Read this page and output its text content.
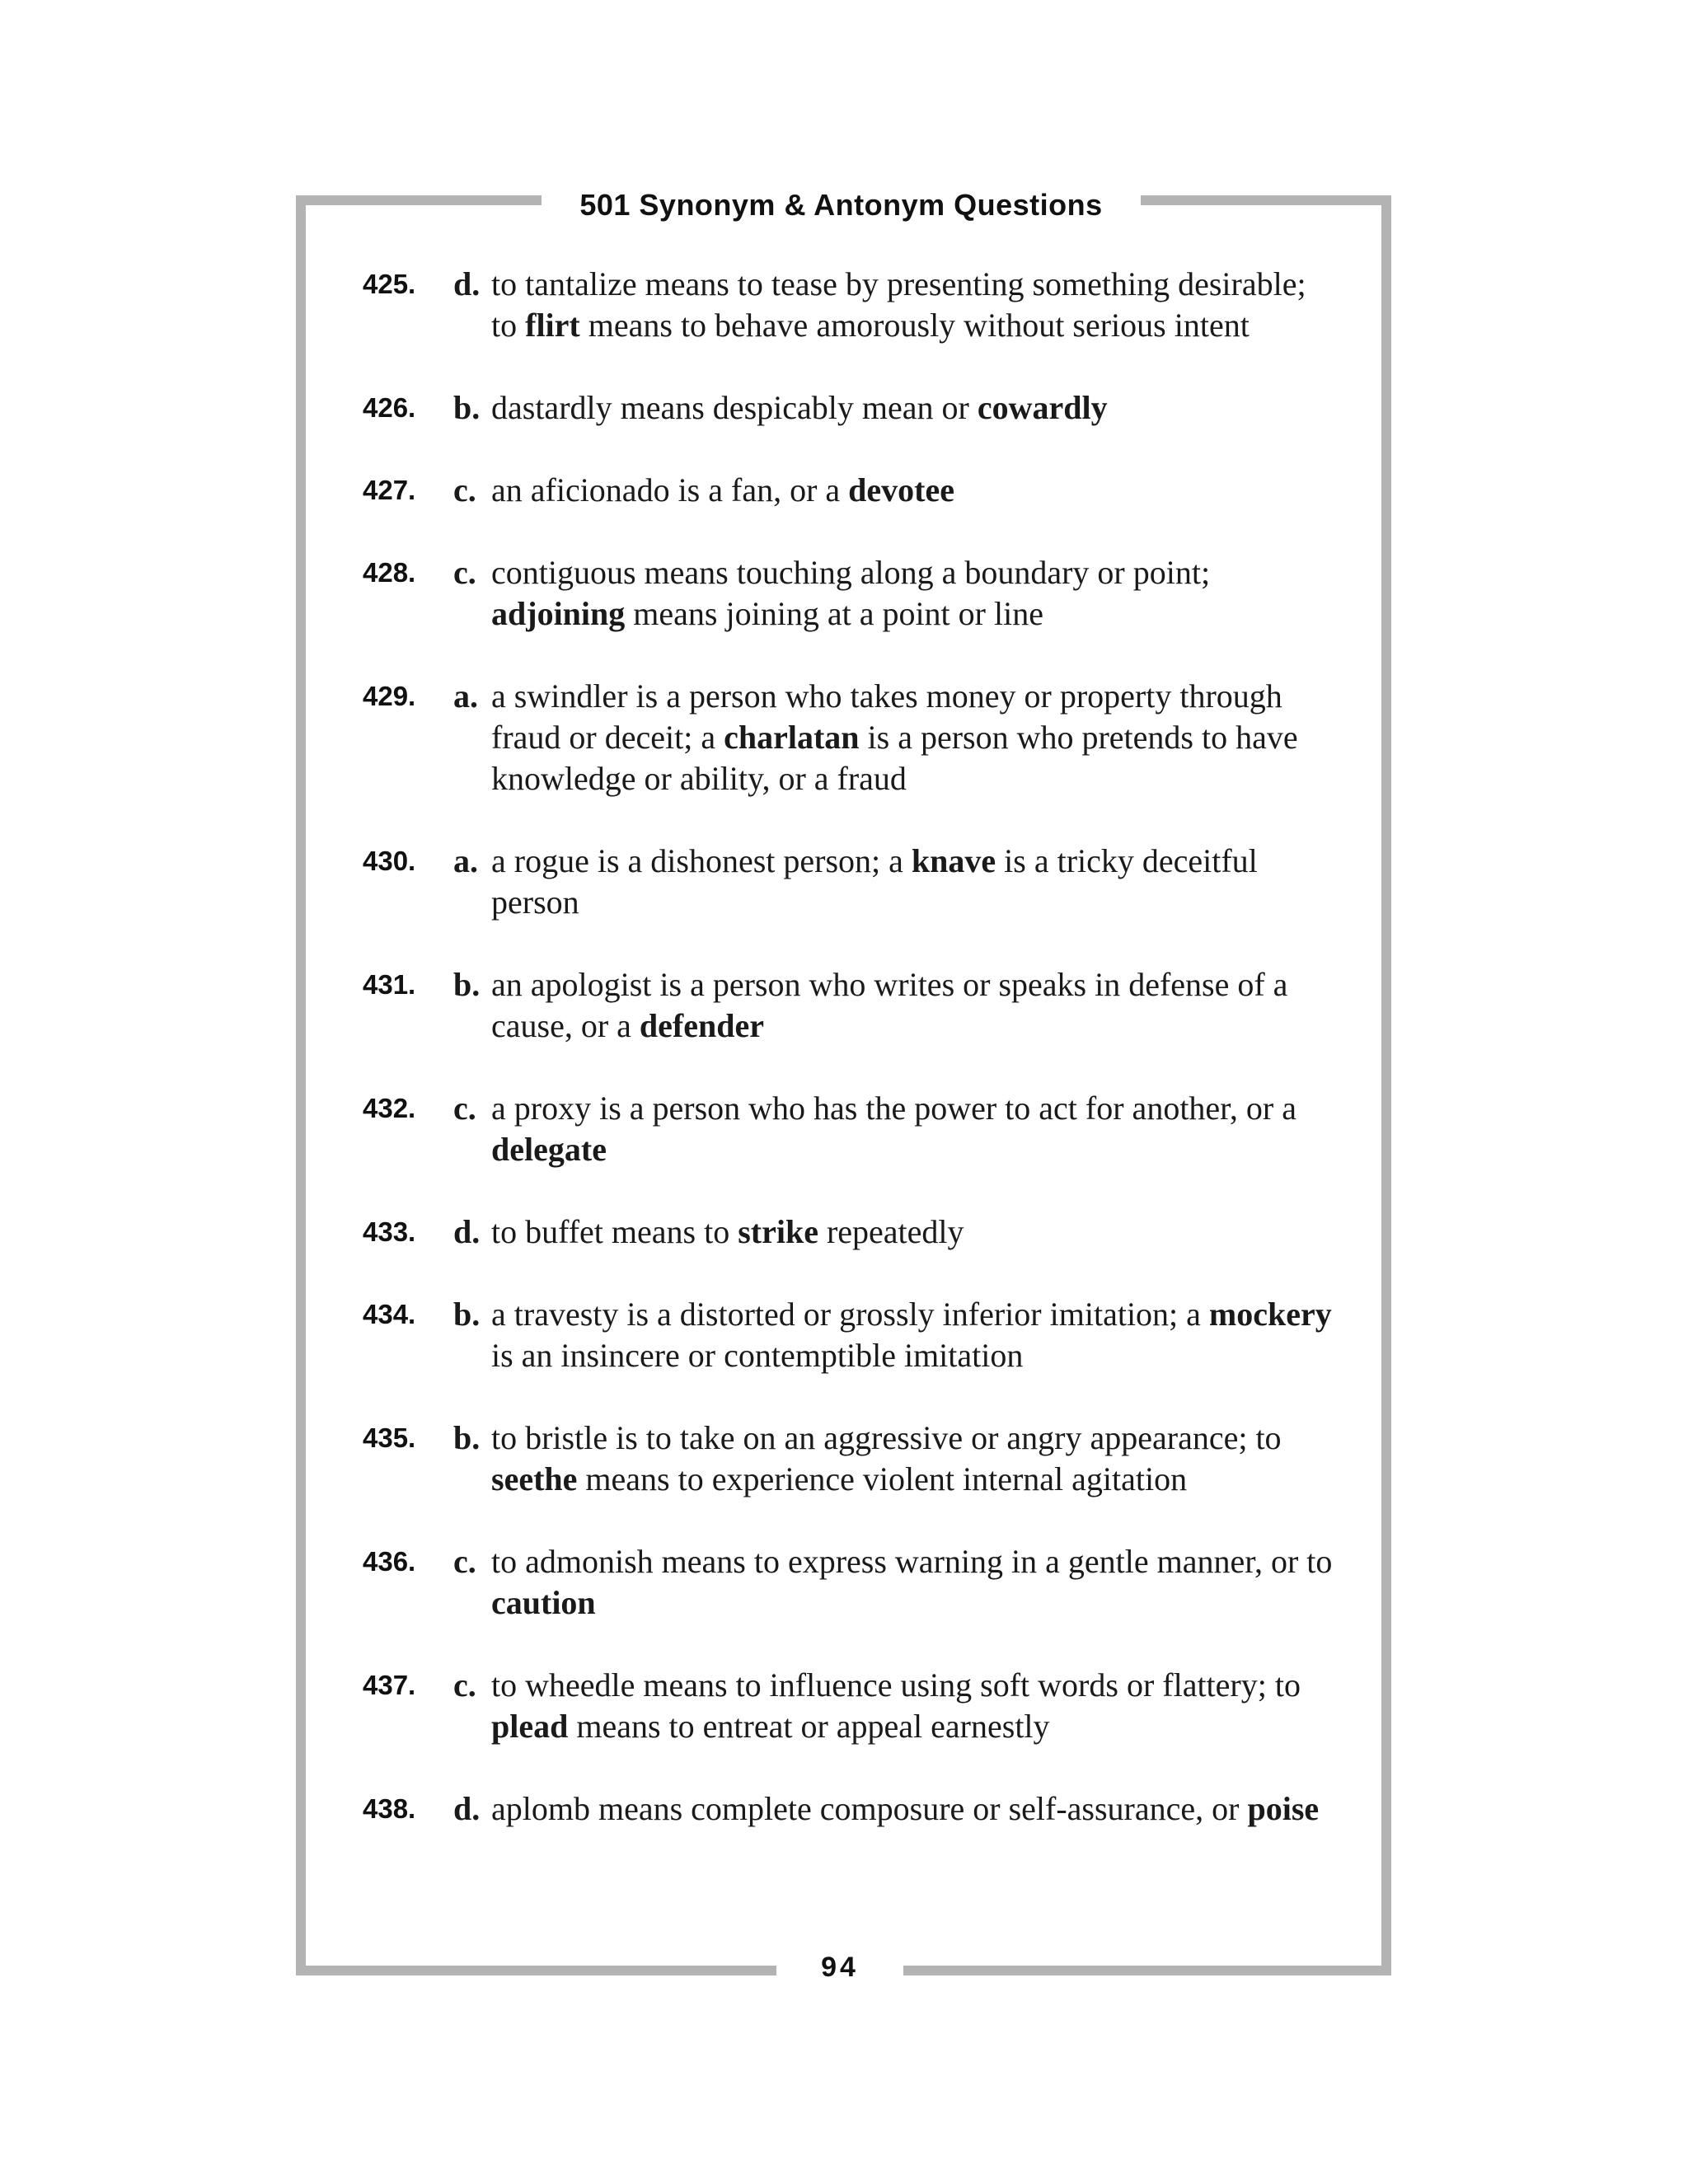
501 Synonym & Antonym Questions
425.	d. to tantalize means to tease by presenting something desirable; to flirt means to behave amorously without serious intent
426.	b. dastardly means despicably mean or cowardly
427.	c. an aficionado is a fan, or a devotee
428.	c. contiguous means touching along a boundary or point; adjoining means joining at a point or line
429.	a. a swindler is a person who takes money or property through fraud or deceit; a charlatan is a person who pretends to have knowledge or ability, or a fraud
430.	a. a rogue is a dishonest person; a knave is a tricky deceitful person
431.	b. an apologist is a person who writes or speaks in defense of a cause, or a defender
432.	c. a proxy is a person who has the power to act for another, or a delegate
433.	d. to buffet means to strike repeatedly
434.	b. a travesty is a distorted or grossly inferior imitation; a mockery is an insincere or contemptible imitation
435.	b. to bristle is to take on an aggressive or angry appearance; to seethe means to experience violent internal agitation
436.	c. to admonish means to express warning in a gentle manner, or to caution
437.	c. to wheedle means to influence using soft words or flattery; to plead means to entreat or appeal earnestly
438.	d. aplomb means complete composure or self-assurance, or poise
94
